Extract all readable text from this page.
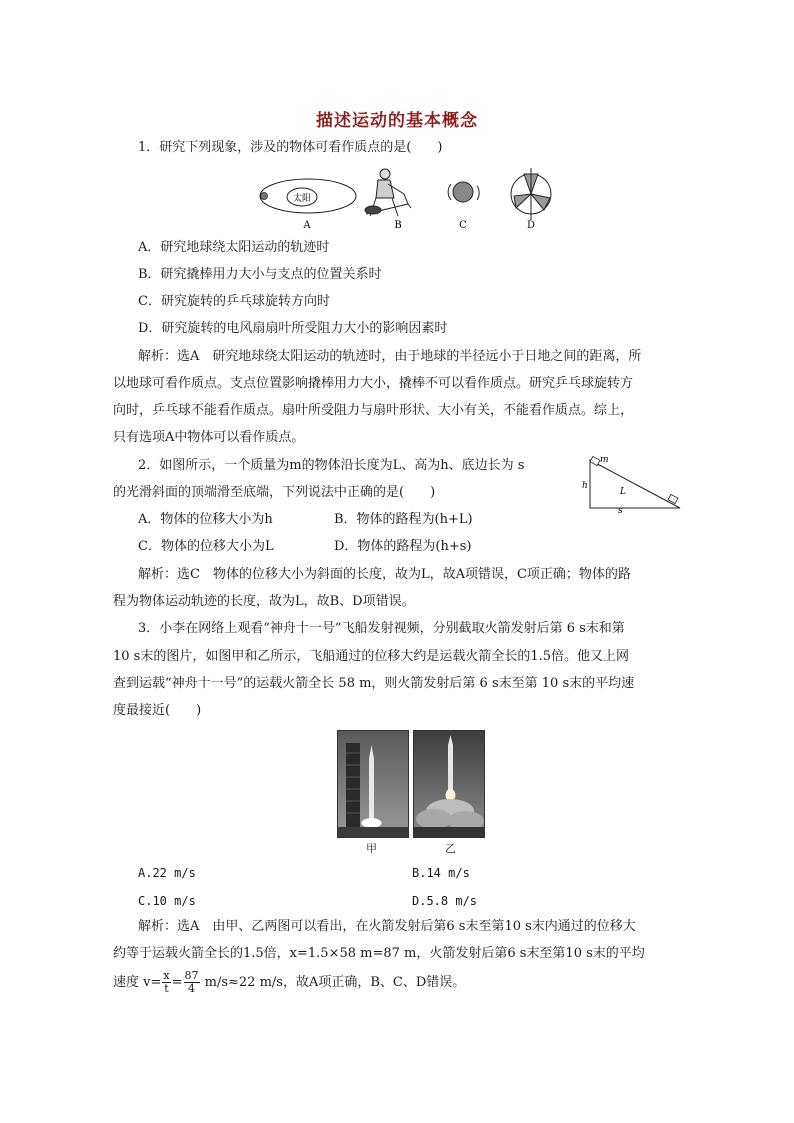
描述运动的基本概念
1．研究下列现象，涉及的物体可看作质点的是(　　)
太阳
A	B	C	D
A．研究地球绕太阳运动的轨迹时
B．研究撬棒用力大小与支点的位置关系时
C．研究旋转的乒乓球旋转方向时
D．研究旋转的电风扇扇叶所受阻力大小的影响因素时
解析：选A　研究地球绕太阳运动的轨迹时，由于地球的半径远小于日地之间的距离，所
以地球可看作质点。支点位置影响撬棒用力大小，撬棒不可以看作质点。研究乒乓球旋转方
向时，乒乓球不能看作质点。扇叶所受阻力与扇叶形状、大小有关，不能看作质点。综上，
只有选项A中物体可以看作质点。
2．如图所示，一个质量为m的物体沿长度为L、高为h、底边长为 s
的光滑斜面的顶端滑至底端，下列说法中正确的是(　　)
m
h
L
s
A．物体的位移大小为h	B．物体的路程为(h+L)
C．物体的位移大小为L	D．物体的路程为(h+s)
解析：选C　物体的位移大小为斜面的长度，故为L，故A项错误，C项正确；物体的路
程为物体运动轨迹的长度，故为L，故B、D项错误。
3．小李在网络上观看“神舟十一号”飞船发射视频，分别截取火箭发射后第 6 s末和第
10 s末的图片，如图甲和乙所示，飞船通过的位移大约是运载火箭全长的1.5倍。他又上网
查到运载“神舟十一号”的运载火箭全长 58 m，则火箭发射后第 6 s末至第 10 s末的平均速
度最接近(　　)
甲	乙
A.22 m/s	B.14 m/s
C.10 m/s	D.5.8 m/s
解析：选A　由甲、乙两图可以看出，在火箭发射后第6 s末至第10 s末内通过的位移大
约等于运载火箭全长的1.5倍，x=1.5×58 m=87 m，火箭发射后第6 s末至第10 s末的平均
速度 $v= \frac{x}{t} = \frac{87}{4} m/s\approx 22$ m/s，故A项正确，B、C、D错误。
